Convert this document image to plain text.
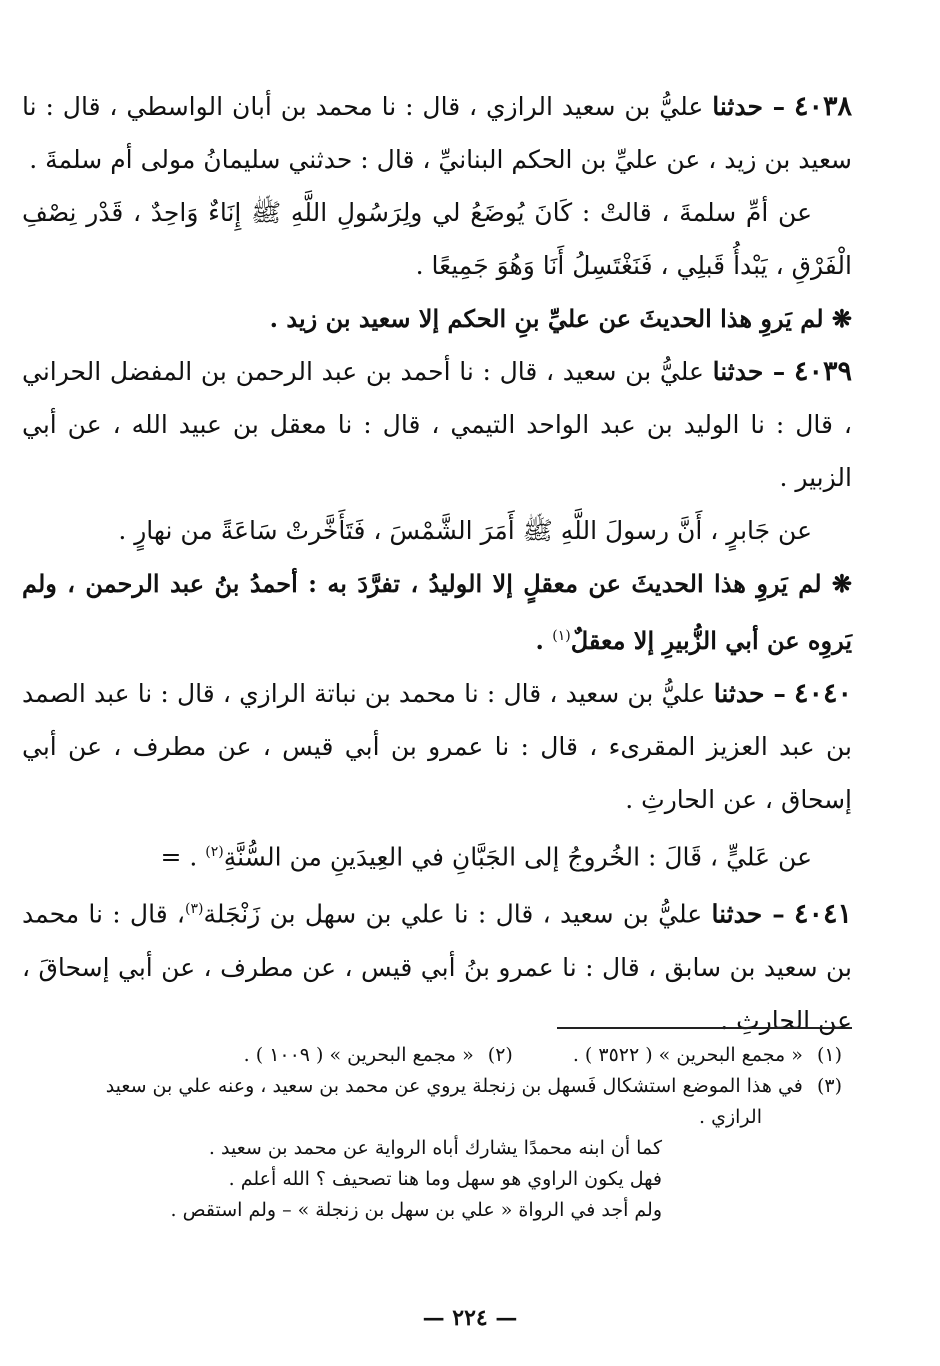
٤٠٣٨ – حدثنا عليُّ بن سعيد الرازي ، قال : نا محمد بن أبان الواسطي ، قال : نا سعيد بن زيد ، عن عليِّ بن الحكم البنانيِّ ، قال : حدثني سليمانُ مولى أم سلمةَ .

عن أمِّ سلمةَ ، قالتْ : كَانَ يُوضَعُ لي ولِرَسُولِ اللَّهِ ﷺ إِنَاءٌ وَاحِدٌ ، قَدْر نِصْفِ الْفَرْقِ ، يَبْدأُ قَبلِي ، فَنَغْتَسِلُ أَنَا وَهُوَ جَمِيعًا .

❋ لم يَروِ هذا الحديثَ عن عليِّ بنِ الحكم إلا سعيد بن زيد .

٤٠٣٩ – حدثنا عليُّ بن سعيد ، قال : نا أحمد بن عبد الرحمن بن المفضل الحراني ، قال : نا الوليد بن عبد الواحد التيمي ، قال : نا معقل بن عبيد الله ، عن أبي الزبير .

عن جَابرٍ ، أَنَّ رسولَ اللَّهِ ﷺ أَمَرَ الشَّمْسَ ، فَتَأَخَّرتْ سَاعَةً من نهارٍ .

❋ لم يَروِ هذا الحديثَ عن معقلٍ إلا الوليدُ ، تفرَّدَ به : أحمدُ بنُ عبد الرحمن ، ولم يَروِه عن أبي الزُّبيرِ إلا معقلٌ$^{(١)}$ .

٤٠٤٠ – حدثنا عليُّ بن سعيد ، قال : نا محمد بن نباتة الرازي ، قال : نا عبد الصمد بن عبد العزيز المقرىء ، قال : نا عمرو بن أبي قيس ، عن مطرف ، عن أبي إسحاق ، عن الحارثِ .

عن عَليٍّ ، قَالَ : الخُروجُ إلى الجَبَّانِ في العِيدَينِ من السُّنَّةِ$^{(٢)}$ . =

٤٠٤١ – حدثنا عليُّ بن سعيد ، قال : نا علي بن سهل بن زَنْجَلة$^{(٣)}$، قال : نا محمد بن سعيد بن سابق ، قال : نا عمرو بنُ أبي قيس ، عن مطرف ، عن أبي إسحاقَ ، عن الحارثِ .

(١) « مجمع البحرين » ( ٣٥٢٢ ) .

(٢) « مجمع البحرين » ( ١٠٠٩ ) .

(٣) في هذا الموضع استشكال فَسهل بن زنجلة يروي عن محمد بن سعيد ، وعنه علي بن سعيد

الرازي .

كما أن ابنه محمدًا يشارك أباه الرواية عن محمد بن سعيد .

فهل يكون الراوي هو سهل وما هنا تصحيف ؟ الله أعلم .

ولم أجد في الرواة « علي بن سهل بن زنجلة » – ولم استقص .

— ٢٢٤ —
